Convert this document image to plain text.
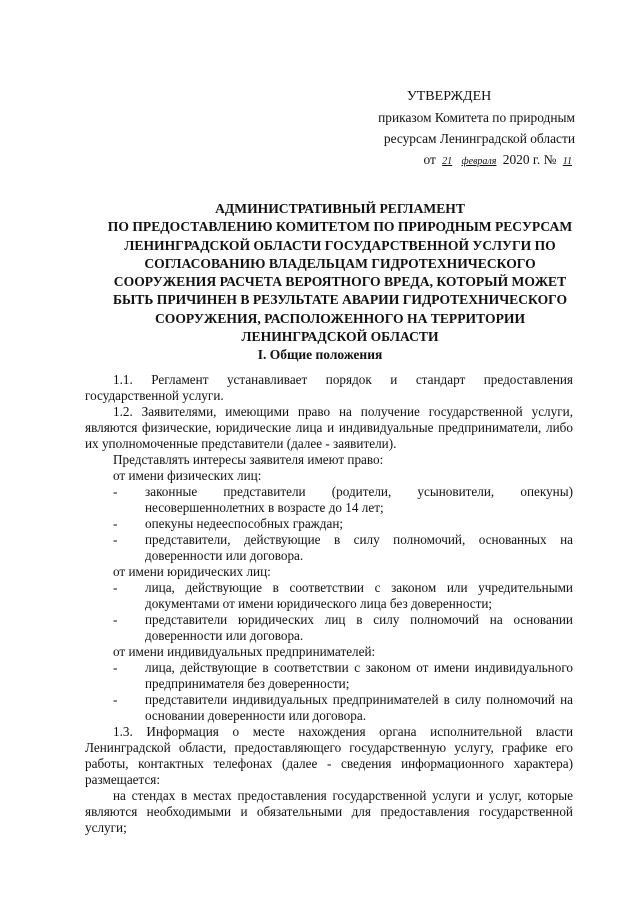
УТВЕРЖДЕН
приказом Комитета по природным
ресурсам Ленинградской области
от 21 февраля 2020 г. № 11
АДМИНИСТРАТИВНЫЙ РЕГЛАМЕНТ
ПО ПРЕДОСТАВЛЕНИЮ КОМИТЕТОМ ПО ПРИРОДНЫМ РЕСУРСАМ
ЛЕНИНГРАДСКОЙ ОБЛАСТИ ГОСУДАРСТВЕННОЙ УСЛУГИ ПО
СОГЛАСОВАНИЮ ВЛАДЕЛЬЦАМ ГИДРОТЕХНИЧЕСКОГО
СООРУЖЕНИЯ РАСЧЕТА ВЕРОЯТНОГО ВРЕДА, КОТОРЫЙ МОЖЕТ
БЫТЬ ПРИЧИНЕН В РЕЗУЛЬТАТЕ АВАРИИ ГИДРОТЕХНИЧЕСКОГО
СООРУЖЕНИЯ, РАСПОЛОЖЕННОГО НА ТЕРРИТОРИИ
ЛЕНИНГРАДСКОЙ ОБЛАСТИ
I. Общие положения

1.1. Регламент устанавливает порядок и стандарт предоставления государственной услуги.

1.2. Заявителями, имеющими право на получение государственной услуги, являются физические, юридические лица и индивидуальные предприниматели, либо их уполномоченные представители (далее - заявители).

Представлять интересы заявителя имеют право:

от имени физических лиц:

-	законные представители (родители, усыновители, опекуны) несовершеннолетних в возрасте до 14 лет;
-	опекуны недееспособных граждан;
-	представители, действующие в силу полномочий, основанных на доверенности или договора.

от имени юридических лиц:

-	лица, действующие в соответствии с законом или учредительными документами от имени юридического лица без доверенности;
-	представители юридических лиц в силу полномочий на основании доверенности или договора.

от имени индивидуальных предпринимателей:

-	лица, действующие в соответствии с законом от имени индивидуального предпринимателя без доверенности;
-	представители индивидуальных предпринимателей в силу полномочий на основании доверенности или договора.

1.3. Информация о месте нахождения органа исполнительной власти Ленинградской области, предоставляющего государственную услугу, графике его работы, контактных телефонах (далее - сведения информационного характера) размещается:

на стендах в местах предоставления государственной услуги и услуг, которые являются необходимыми и обязательными для предоставления государственной услуги;
